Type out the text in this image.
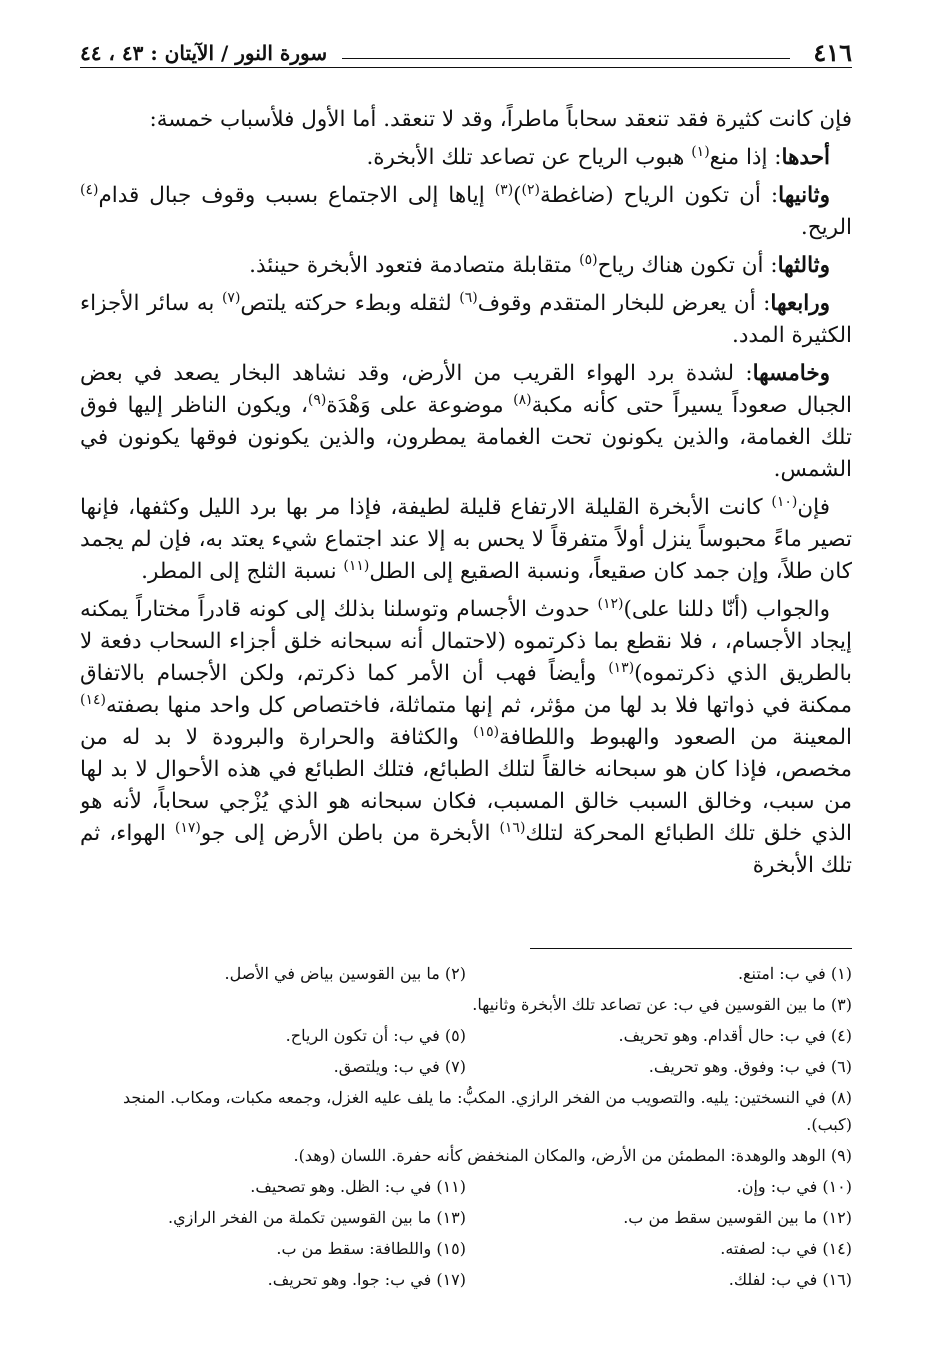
٤١٦
سورة النور / الآيتان : ٤٣ ، ٤٤

فإن كانت كثيرة فقد تنعقد سحاباً ماطراً، وقد لا تنعقد. أما الأول فلأسباب خمسة:

أحدها: إذا منع$^{(١)}$ هبوب الرياح عن تصاعد تلك الأبخرة.

وثانيها: أن تكون الرياح (ضاغطة$^{(٢)}$)$^{(٣)}$ إياها إلى الاجتماع بسبب وقوف جبال قدام$^{(٤)}$ الريح.

وثالثها: أن تكون هناك رياح$^{(٥)}$ متقابلة متصادمة فتعود الأبخرة حينئذ.

ورابعها: أن يعرض للبخار المتقدم وقوف$^{(٦)}$ لثقله وبطء حركته يلتص$^{(٧)}$ به سائر الأجزاء الكثيرة المدد.

وخامسها: لشدة برد الهواء القريب من الأرض، وقد نشاهد البخار يصعد في بعض الجبال صعوداً يسيراً حتى كأنه مكبة$^{(٨)}$ موضوعة على وَهْدَة$^{(٩)}$، ويكون الناظر إليها فوق تلك الغمامة، والذين يكونون تحت الغمامة يمطرون، والذين يكونون فوقها يكونون في الشمس.

فإن$^{(١٠)}$ كانت الأبخرة القليلة الارتفاع قليلة لطيفة، فإذا مر بها برد الليل وكثفها، فإنها تصير ماءً محبوساً ينزل أولاً متفرقاً لا يحس به إلا عند اجتماع شيء يعتد به، فإن لم يجمد كان طلاً، وإن جمد كان صقيعاً، ونسبة الصقيع إلى الطل$^{(١١)}$ نسبة الثلج إلى المطر.

والجواب (أنّا دللنا على)$^{(١٢)}$ حدوث الأجسام وتوسلنا بذلك إلى كونه قادراً مختاراً يمكنه إيجاد الأجسام، ، فلا نقطع بما ذكرتموه (لاحتمال أنه سبحانه خلق أجزاء السحاب دفعة لا بالطريق الذي ذكرتموه)$^{(١٣)}$ وأيضاً فهب أن الأمر كما ذكرتم، ولكن الأجسام بالاتفاق ممكنة في ذواتها فلا بد لها من مؤثر، ثم إنها متماثلة، فاختصاص كل واحد منها بصفته$^{(١٤)}$ المعينة من الصعود والهبوط واللطافة$^{(١٥)}$ والكثافة والحرارة والبرودة لا بد له من مخصص، فإذا كان هو سبحانه خالقاً لتلك الطبائع، فتلك الطبائع في هذه الأحوال لا بد لها من سبب، وخالق السبب خالق المسبب، فكان سبحانه هو الذي يُزْجي سحاباً، لأنه هو الذي خلق تلك الطبائع المحركة لتلك$^{(١٦)}$ الأبخرة من باطن الأرض إلى جو$^{(١٧)}$ الهواء، ثم تلك الأبخرة

(١) في ب: امتنع.
(٢) ما بين القوسين بياض في الأصل.
(٣) ما بين القوسين في ب: عن تصاعد تلك الأبخرة وثانيها.
(٤) في ب: حال أقدام. وهو تحريف.
(٥) في ب: أن تكون الرياح.
(٦) في ب: وفوق. وهو تحريف.
(٧) في ب: ويلتصق.
(٨) في النسختين: يليه. والتصويب من الفخر الرازي. المكبُّ: ما يلف عليه الغزل، وجمعه مكبات، ومكاب. المنجد (كبب).
(٩) الوهد والوهدة: المطمئن من الأرض، والمكان المنخفض كأنه حفرة. اللسان (وهد).
(١٠) في ب: وإن.
(١١) في ب: الظل. وهو تصحيف.
(١٢) ما بين القوسين سقط من ب.
(١٣) ما بين القوسين تكملة من الفخر الرازي.
(١٤) في ب: لصفته.
(١٥) واللطافة: سقط من ب.
(١٦) في ب: لفلك.
(١٧) في ب: جوا. وهو تحريف.
